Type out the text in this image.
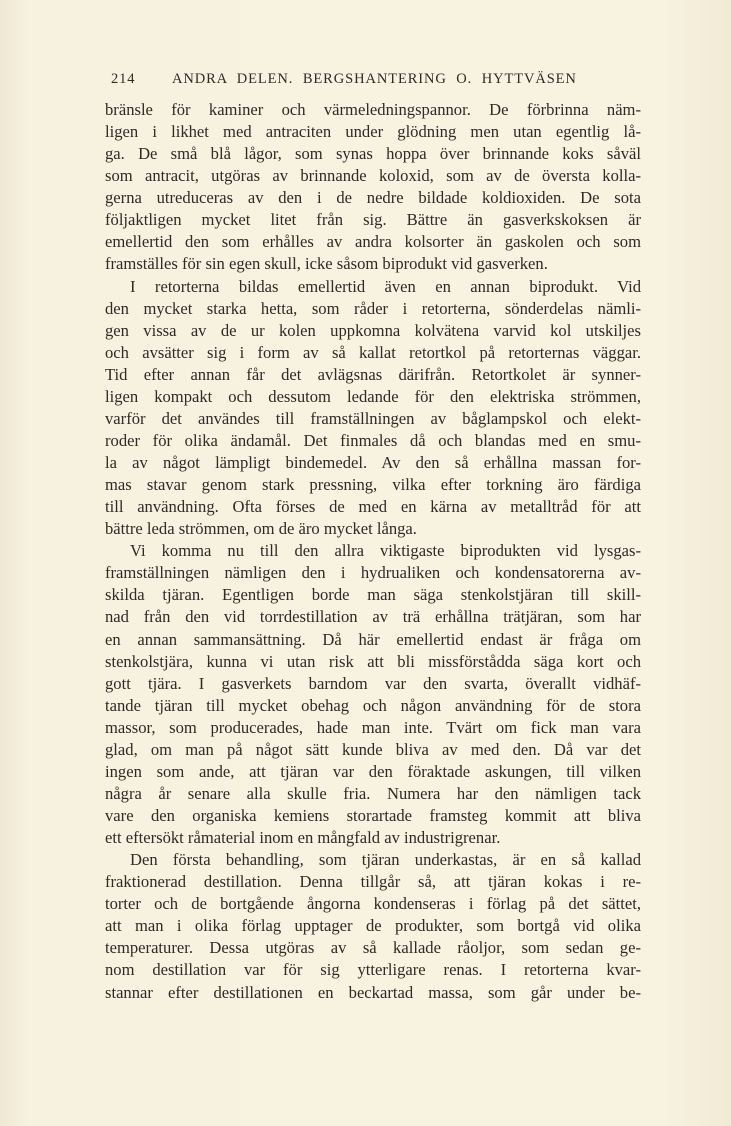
214	ANDRA DELEN. BERGSHANTERING O. HYTTVÄSEN
bränsle för kaminer och värmeledningspannor. De förbrinna näm-
ligen i likhet med antraciten under glödning men utan egentlig lå-
ga. De små blå lågor, som synas hoppa över brinnande koks såväl
som antracit, utgöras av brinnande koloxid, som av de översta kolla-
gerna utreduceras av den i de nedre bildade koldioxiden. De sota
följaktligen mycket litet från sig. Bättre än gasverkskoksen är
emellertid den som erhålles av andra kolsorter än gaskolen och som
framställes för sin egen skull, icke såsom biprodukt vid gasverken.
I retorterna bildas emellertid även en annan biprodukt. Vid
den mycket starka hetta, som råder i retorterna, sönderdelas nämli-
gen vissa av de ur kolen uppkomna kolvätena varvid kol utskiljes
och avsätter sig i form av så kallat retortkol på retorternas väggar.
Tid efter annan får det avlägsnas därifrån. Retortkolet är synner-
ligen kompakt och dessutom ledande för den elektriska strömmen,
varför det användes till framställningen av båglampskol och elekt-
roder för olika ändamål. Det finmales då och blandas med en smu-
la av något lämpligt bindemedel. Av den så erhållna massan for-
mas stavar genom stark pressning, vilka efter torkning äro färdiga
till användning. Ofta förses de med en kärna av metalltråd för att
bättre leda strömmen, om de äro mycket långa.
Vi komma nu till den allra viktigaste biprodukten vid lysgas-
framställningen nämligen den i hydrualiken och kondensatorerna av-
skilda tjäran. Egentligen borde man säga stenkolstjäran till skill-
nad från den vid torrdestillation av trä erhållna trätjäran, som har
en annan sammansättning. Då här emellertid endast är fråga om
stenkolstjära, kunna vi utan risk att bli missförstådda säga kort och
gott tjära. I gasverkets barndom var den svarta, överallt vidhäf-
tande tjäran till mycket obehag och någon användning för de stora
massor, som producerades, hade man inte. Tvärt om fick man vara
glad, om man på något sätt kunde bliva av med den. Då var det
ingen som ande, att tjäran var den föraktade askungen, till vilken
några år senare alla skulle fria. Numera har den nämligen tack
vare den organiska kemiens storartade framsteg kommit att bliva
ett eftersökt råmaterial inom en mångfald av industrigrenar.
Den första behandling, som tjäran underkastas, är en så kallad
fraktionerad destillation. Denna tillgår så, att tjäran kokas i re-
torter och de bortgående ångorna kondenseras i förlag på det sättet,
att man i olika förlag upptager de produkter, som bortgå vid olika
temperaturer. Dessa utgöras av så kallade råoljor, som sedan ge-
nom destillation var för sig ytterligare renas. I retorterna kvar-
stannar efter destillationen en beckartad massa, som går under be-
